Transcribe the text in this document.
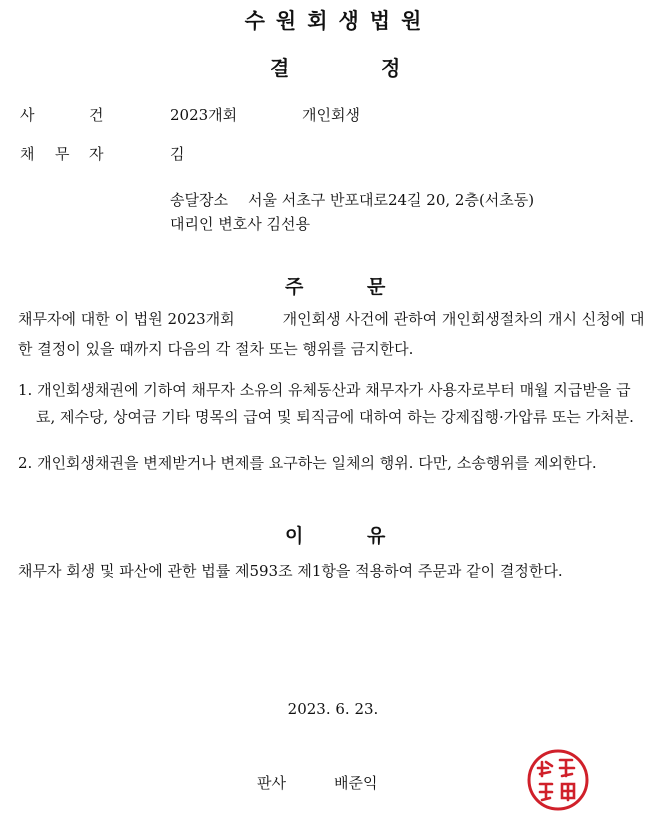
수원회생법원
결	정
사	건	2023개회	개인회생
채 무 자	김
송달장소 서울 서초구 반포대로24길 20, 2층(서초동)
대리인 변호사 김선용
주	문
채무자에 대한 이 법원 2023개회	개인회생 사건에 관하여 개인회생절차의 개시 신청에 대한 결정이 있을 때까지 다음의 각 절차 또는 행위를 금지한다.
1. 개인회생채권에 기하여 채무자 소유의 유체동산과 채무자가 사용자로부터 매월 지급받을 급료, 제수당, 상여금 기타 명목의 급여 및 퇴직금에 대하여 하는 강제집행·가압류 또는 가처분.
2. 개인회생채권을 변제받거나 변제를 요구하는 일체의 행위. 다만, 소송행위를 제외한다.
이	유
채무자 회생 및 파산에 관한 법률 제593조 제1항을 적용하여 주문과 같이 결정한다.
2023. 6. 23.
판사	배준익
